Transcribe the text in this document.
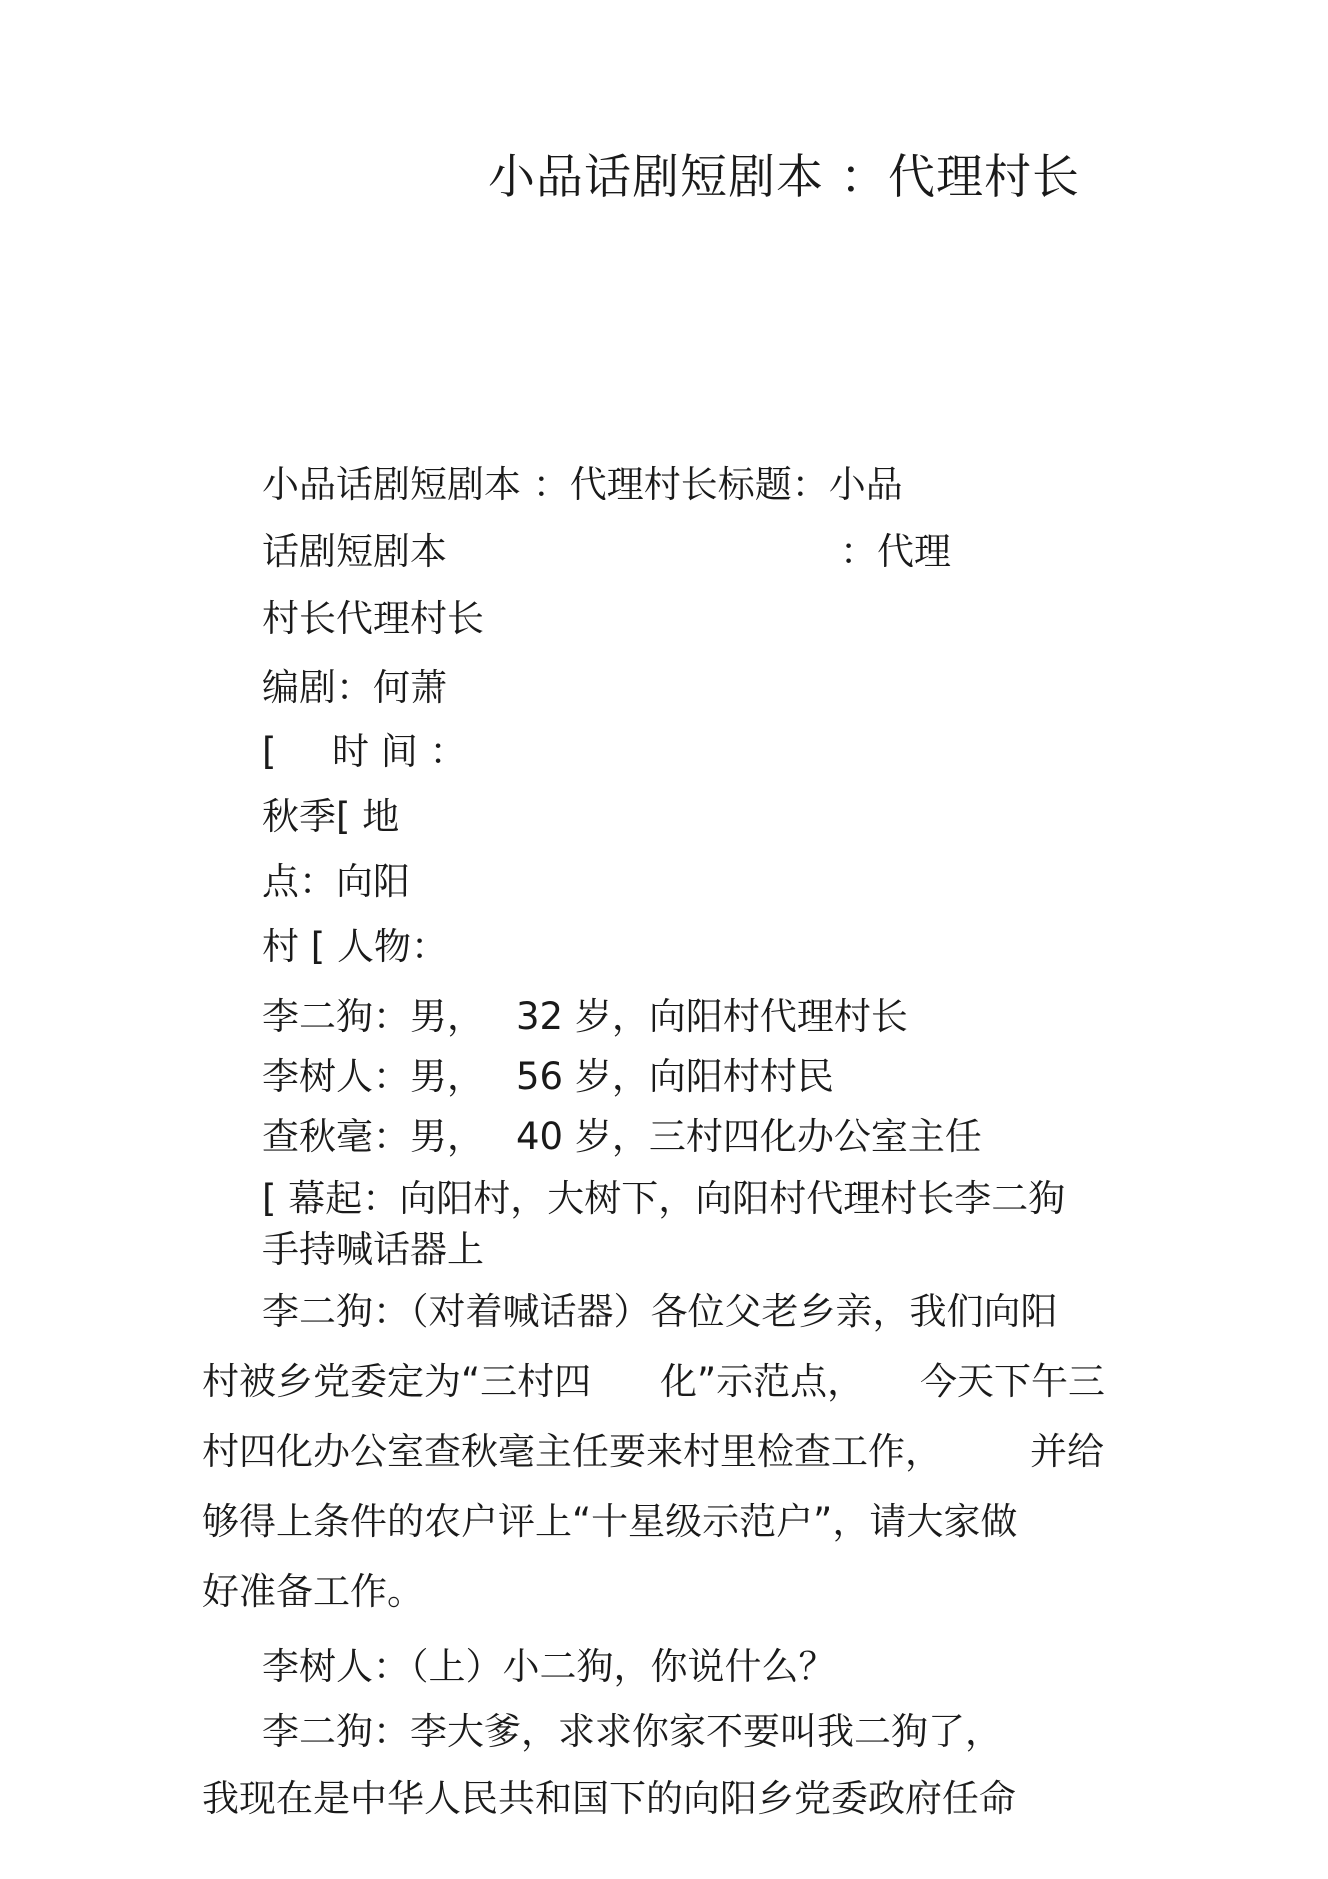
小品话剧短剧本 ：代理村长
小品话剧短剧本 ：代理村长标题：小品
话剧短剧本	：代理
村长代理村长
编剧：何萧
[ 时 间 ：
秋季[ 地
点：向阳
村 [ 人物：
李二狗：男， 32 岁，向阳村代理村长
李树人：男， 56 岁，向阳村村民
查秋毫：男， 40 岁，三村四化办公室主任
[ 幕起：向阳村，大树下，向阳村代理村长李二狗
手持喊话器上
李二狗：（对着喊话器）各位父老乡亲，我们向阳
村被乡党委定为“三村四 化”示范点， 今天下午三
村四化办公室查秋毫主任要来村里检查工作， 并给
够得上条件的农户评上“十星级示范户”，请大家做
好准备工作。
李树人：（上）小二狗，你说什么？
李二狗：李大爹，求求你家不要叫我二狗了，
我现在是中华人民共和国下的向阳乡党委政府任命
